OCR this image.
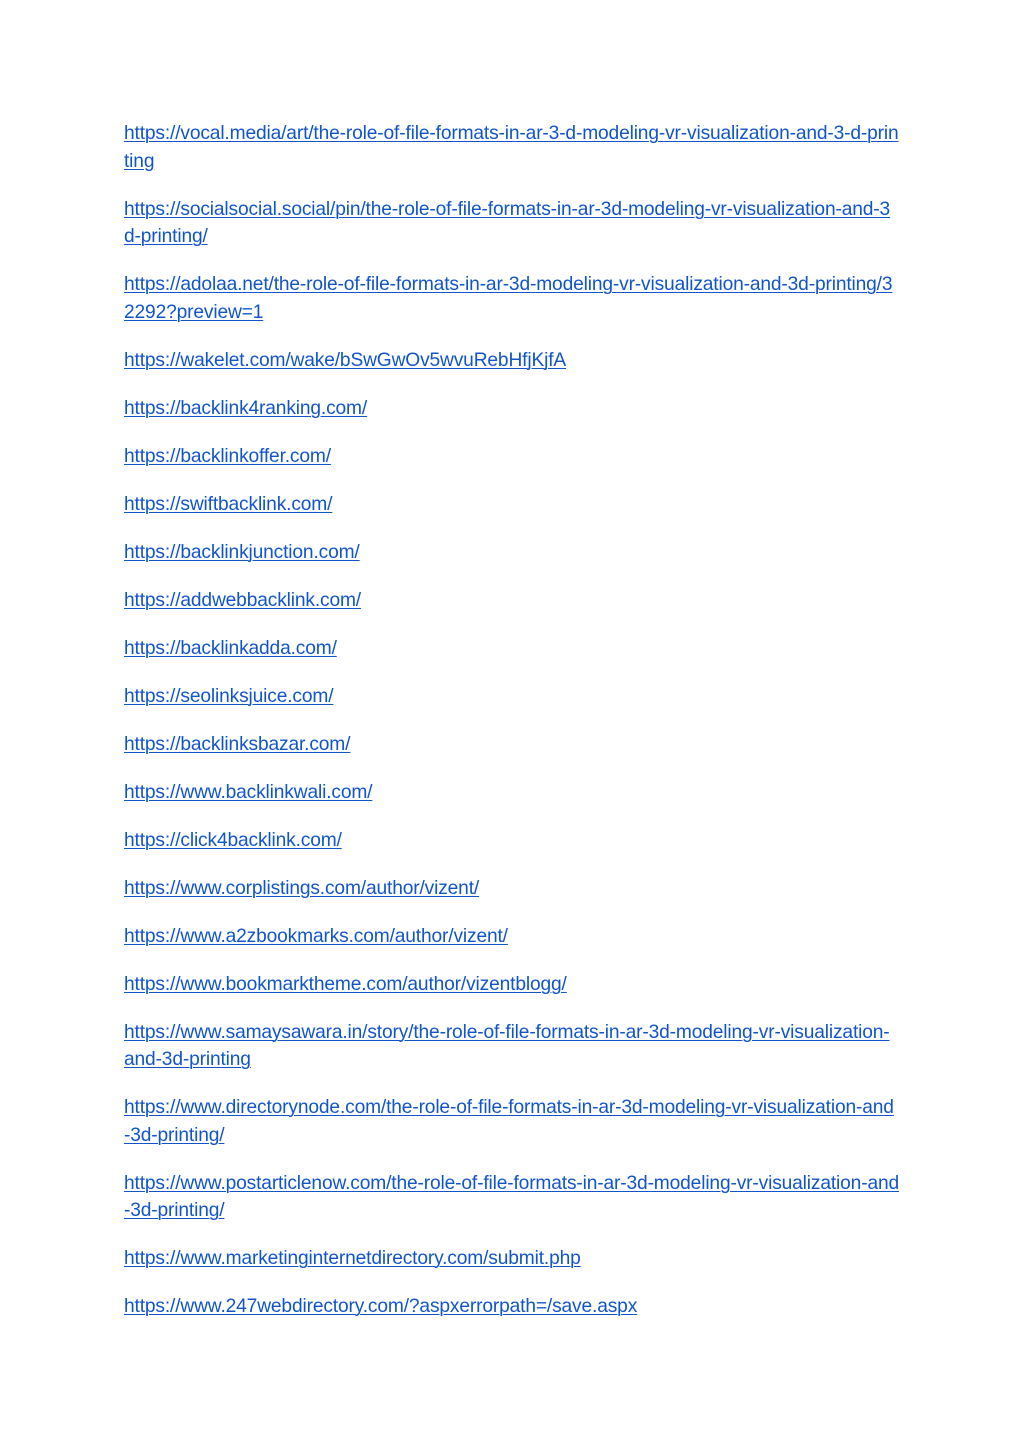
https://vocal.media/art/the-role-of-file-formats-in-ar-3-d-modeling-vr-visualization-and-3-d-printing
https://socialsocial.social/pin/the-role-of-file-formats-in-ar-3d-modeling-vr-visualization-and-3d-printing/
https://adolaa.net/the-role-of-file-formats-in-ar-3d-modeling-vr-visualization-and-3d-printing/32292?preview=1
https://wakelet.com/wake/bSwGwOv5wvuRebHfjKjfA
https://backlink4ranking.com/
https://backlinkoffer.com/
https://swiftbacklink.com/
https://backlinkjunction.com/
https://addwebbacklink.com/
https://backlinkadda.com/
https://seolinksjuice.com/
https://backlinksbazar.com/
https://www.backlinkwali.com/
https://click4backlink.com/
https://www.corplistings.com/author/vizent/
https://www.a2zbookmarks.com/author/vizent/
https://www.bookmarktheme.com/author/vizentblogg/
https://www.samaysawara.in/story/the-role-of-file-formats-in-ar-3d-modeling-vr-visualization-and-3d-printing
https://www.directorynode.com/the-role-of-file-formats-in-ar-3d-modeling-vr-visualization-and-3d-printing/
https://www.postarticlenow.com/the-role-of-file-formats-in-ar-3d-modeling-vr-visualization-and-3d-printing/
https://www.marketinginternetdirectory.com/submit.php
https://www.247webdirectory.com/?aspxerrorpath=/save.aspx
